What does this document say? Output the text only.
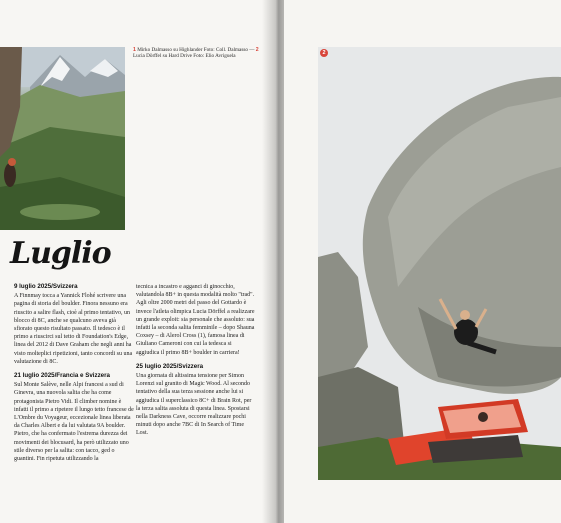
1 Mirko Dalmasso su Highlander Foto: Coll. Dalmasso — 2 Lucia Dörffel su Hard Drive Foto: Elio Avriguela
Luglio
9 luglio 2025/Svizzera
A Finnmay tocca a Yannick Flohé scrivere una pagina di storia del boulder. Finora nessuno era riuscito a salire flash, cioè al primo tentativo, un blocco di 8C, anche se qualcuno aveva già sfiorato questo risultato passato. Il tedesco è il primo a riuscirci sul tetto di Foundation's Edge, linea del 2012 di Dave Graham che negli anni ha visto molteplici ripetizioni, tanto concordi su una valutazione di 8C.
21 luglio 2025/Francia e Svizzera
Sul Monte Salève, nelle Alpi francesi a sud di Ginevra, una nuovola salita che ha come protagonista Pietro Vidi. Il climber nomine è infatti il primo a ripetere il lungo tetto francese de L'Ombre du Voyageur, eccezionale linea liberata da Charles Albert e da lui valutata 9A boulder. Pietro, che ha confermato l'estrema durezza dei movimenti dei blocusard, ha però utilizzato uno stile diverso per la salita: con tacco, ged o guantini. Fin ripetuta utilizzando la
tecnica a incastro e agganci di ginocchio, valutandola 8B+ in questa modalità molto "trad". Agli oltre 2000 metri del passo del Gottardo è invece l'atleta olimpica Lucia Dörffel a realizzare un grande exploit: sia personale che assoluto: sua infatti la seconda salita femminile – dopo Shauna Coxsey – di Alerol Cross (1), famosa linea di Giuliano Cameroni con cui la tedesca si aggiudica il primo 8B+ boulder in carriera!
25 luglio 2025/Svizzera
Una giornata di altissima tensione per Simon Lorenzi sul granito di Magic Wood. Al secondo tentativo della sua terza sessione anche lui si aggiudica il superclassico 8C+ di Brain Rot, per la terza salita assoluta di questa linea. Spostarsi nella Darkness Cave, occorre realizzare pochi minuti dopo anche 7BC di In Search of Time Lost.
2
